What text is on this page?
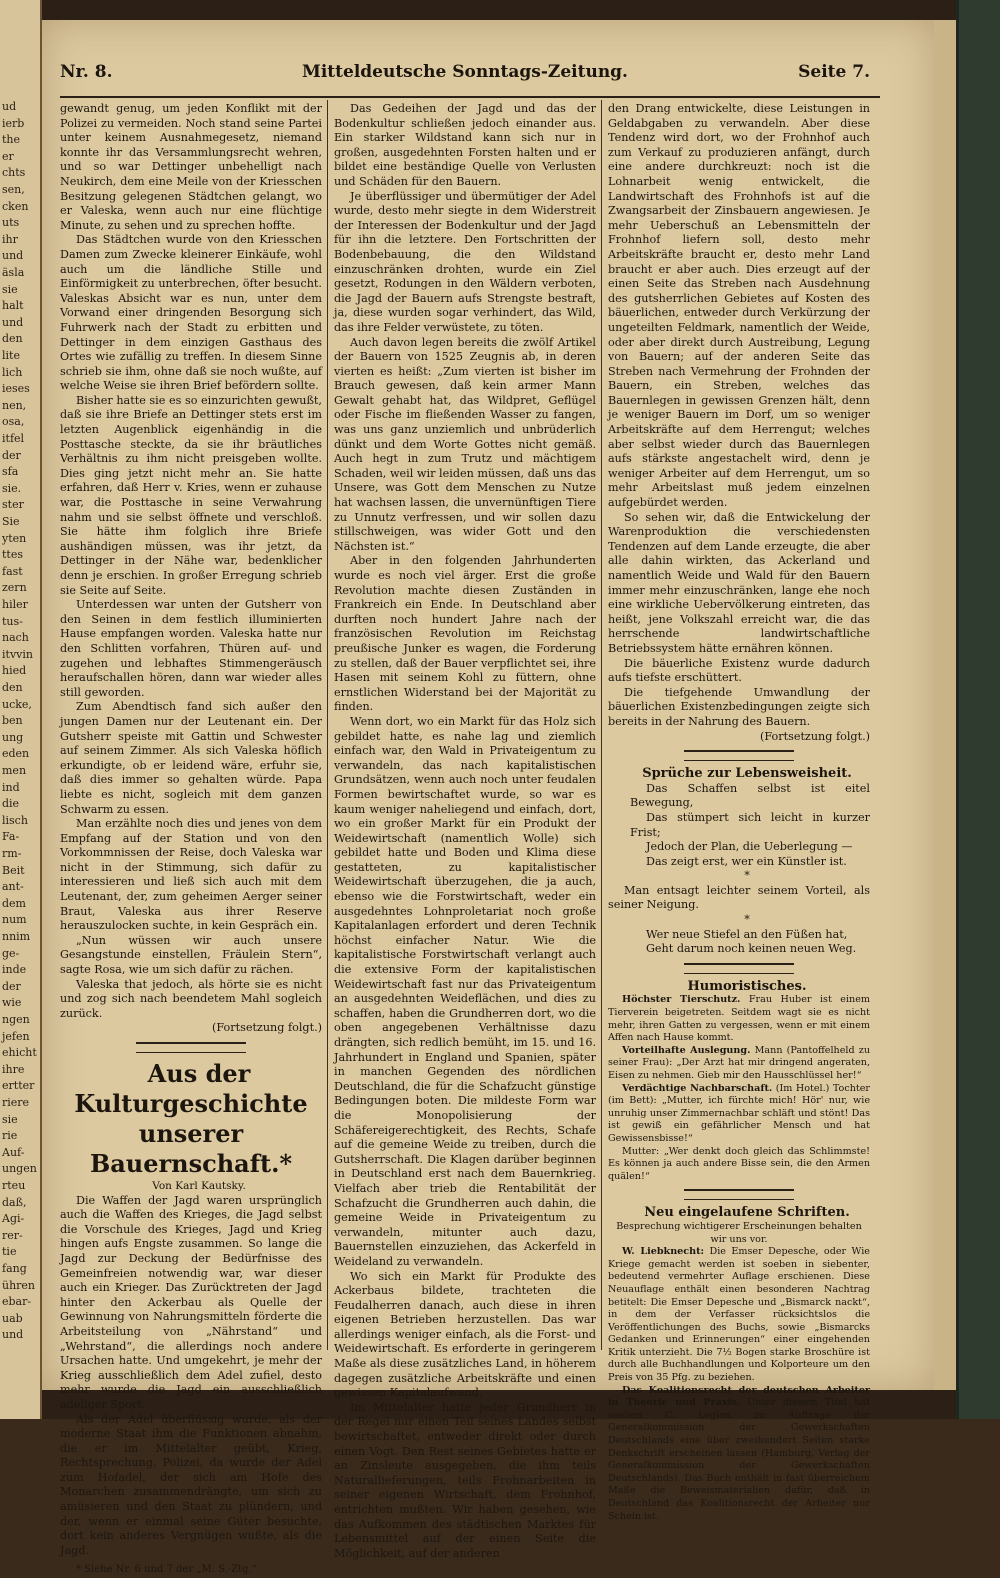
ud
ierb
the
er
chts
sen,
cken
uts
ihr
und
äsla
sie
halt
und
den
lite
lich
ieses
nen,
osa,
itfel
der
sfa
sie.
ster
Sie
yten
ttes
fast
zern
hiler
tus-
nach
itvvin
hied
den
ucke,
ben
ung
eden
men
ind
die
lisch
Fa-
rm-
Beit
ant-
dem
num
nnim
ge-
inde
der
wie
ngen
jefen
ehicht
ihre
ertter
riere
sie
rie
Auf-
ungen
rteu
daß,
Agi-
rer-
tie
fang
ühren
ebar-
uab
und
Nr. 8.	Mitteldeutsche Sonntags-Zeitung.	Seite 7.

gewandt genug, um jeden Konflikt mit der Polizei zu vermeiden. Noch stand seine Partei unter keinem Ausnahmegesetz, niemand konnte ihr das Versammlungsrecht wehren, und so war Dettinger unbehelligt nach Neukirch, dem eine Meile von der Kriesschen Besitzung gelegenen Städtchen gelangt, wo er Valeska, wenn auch nur eine flüchtige Minute, zu sehen und zu sprechen hoffte.

Das Städtchen wurde von den Kriesschen Damen zum Zwecke kleinerer Einkäufe, wohl auch um die ländliche Stille und Einförmigkeit zu unterbrechen, öfter besucht. Valeskas Absicht war es nun, unter dem Vorwand einer dringenden Besorgung sich Fuhrwerk nach der Stadt zu erbitten und Dettinger in dem einzigen Gasthaus des Ortes wie zufällig zu treffen. In diesem Sinne schrieb sie ihm, ohne daß sie noch wußte, auf welche Weise sie ihren Brief befördern sollte.

Bisher hatte sie es so einzurichten gewußt, daß sie ihre Briefe an Dettinger stets erst im letzten Augenblick eigenhändig in die Posttasche steckte, da sie ihr bräutliches Verhältnis zu ihm nicht preisgeben wollte. Dies ging jetzt nicht mehr an. Sie hatte erfahren, daß Herr v. Kries, wenn er zuhause war, die Posttasche in seine Verwahrung nahm und sie selbst öffnete und verschloß. Sie hätte ihm folglich ihre Briefe aushändigen müssen, was ihr jetzt, da Dettinger in der Nähe war, bedenklicher denn je erschien. In großer Erregung schrieb sie Seite auf Seite.

Unterdessen war unten der Gutsherr von den Seinen in dem festlich illuminierten Hause empfangen worden. Valeska hatte nur den Schlitten vorfahren, Thüren auf- und zugehen und lebhaftes Stimmengeräusch heraufschallen hören, dann war wieder alles still geworden.

Zum Abendtisch fand sich außer den jungen Damen nur der Leutenant ein. Der Gutsherr speiste mit Gattin und Schwester auf seinem Zimmer. Als sich Valeska höflich erkundigte, ob er leidend wäre, erfuhr sie, daß dies immer so gehalten würde. Papa liebte es nicht, sogleich mit dem ganzen Schwarm zu essen.

Man erzählte noch dies und jenes von dem Empfang auf der Station und von den Vorkommnissen der Reise, doch Valeska war nicht in der Stimmung, sich dafür zu interessieren und ließ sich auch mit dem Leutenant, der, zum geheimen Aerger seiner Braut, Valeska aus ihrer Reserve herauszulocken suchte, in kein Gespräch ein.

„Nun wüssen wir auch unsere Gesangstunde einstellen, Fräulein Stern“, sagte Rosa, wie um sich dafür zu rächen.

Valeska that jedoch, als hörte sie es nicht und zog sich nach beendetem Mahl sogleich zurück.

(Fortsetzung folgt.)

Aus der Kulturgeschichte unserer Bauernschaft.*

Von Karl Kautsky.

Die Waffen der Jagd waren ursprünglich auch die Waffen des Krieges, die Jagd selbst die Vorschule des Krieges, Jagd und Krieg hingen aufs Engste zusammen. So lange die Jagd zur Deckung der Bedürfnisse des Gemeinfreien notwendig war, war dieser auch ein Krieger. Das Zurücktreten der Jagd hinter den Ackerbau als Quelle der Gewinnung von Nahrungsmitteln förderte die Arbeitsteilung von „Nährstand“ und „Wehrstand“, die allerdings noch andere Ursachen hatte. Und umgekehrt, je mehr der Krieg ausschließlich dem Adel zufiel, desto mehr wurde die Jagd ein ausschließlich adeliger Sport.

Als der Adel überflüssig wurde, als der moderne Staat ihm die Funktionen abnahm, die er im Mittelalter geübt, Krieg, Rechtsprechung, Polizei, da wurde der Adel zum Hofadel, der sich am Hofe des Monarchen zusammendrängte, um sich zu amüsieren und den Staat zu plündern, und der, wenn er einmal seine Güter besuchte, dort kein anderes Vergnügen wußte, als die Jagd.

* Siehe Nr. 6 und 7 der „M. S.-Ztg.“

Das Gedeihen der Jagd und das der Bodenkultur schließen jedoch einander aus. Ein starker Wildstand kann sich nur in großen, ausgedehnten Forsten halten und er bildet eine beständige Quelle von Verlusten und Schäden für den Bauern.

Je überflüssiger und übermütiger der Adel wurde, desto mehr siegte in dem Widerstreit der Interessen der Bodenkultur und der Jagd für ihn die letztere. Den Fortschritten der Bodenbebauung, die den Wildstand einzuschränken drohten, wurde ein Ziel gesetzt, Rodungen in den Wäldern verboten, die Jagd der Bauern aufs Strengste bestraft, ja, diese wurden sogar verhindert, das Wild, das ihre Felder verwüstete, zu töten.

Auch davon legen bereits die zwölf Artikel der Bauern von 1525 Zeugnis ab, in deren vierten es heißt: „Zum vierten ist bisher im Brauch gewesen, daß kein armer Mann Gewalt gehabt hat, das Wildpret, Geflügel oder Fische im fließenden Wasser zu fangen, was uns ganz unziemlich und unbrüderlich dünkt und dem Worte Gottes nicht gemäß. Auch hegt in zum Trutz und mächtigem Schaden, weil wir leiden müssen, daß uns das Unsere, was Gott dem Menschen zu Nutze hat wachsen lassen, die unvernünftigen Tiere zu Unnutz verfressen, und wir sollen dazu stillschweigen, was wider Gott und den Nächsten ist.“

Aber in den folgenden Jahrhunderten wurde es noch viel ärger. Erst die große Revolution machte diesen Zuständen in Frankreich ein Ende. In Deutschland aber durften noch hundert Jahre nach der französischen Revolution im Reichstag preußische Junker es wagen, die Forderung zu stellen, daß der Bauer verpflichtet sei, ihre Hasen mit seinem Kohl zu füttern, ohne ernstlichen Widerstand bei der Majorität zu finden.

Wenn dort, wo ein Markt für das Holz sich gebildet hatte, es nahe lag und ziemlich einfach war, den Wald in Privateigentum zu verwandeln, das nach kapitalistischen Grundsätzen, wenn auch noch unter feudalen Formen bewirtschaftet wurde, so war es kaum weniger naheliegend und einfach, dort, wo ein großer Markt für ein Produkt der Weidewirtschaft (namentlich Wolle) sich gebildet hatte und Boden und Klima diese gestatteten, zu kapitalistischer Weidewirtschaft überzugehen, die ja auch, ebenso wie die Forstwirtschaft, weder ein ausgedehntes Lohnproletariat noch große Kapitalanlagen erfordert und deren Technik höchst einfacher Natur. Wie die kapitalistische Forstwirtschaft verlangt auch die extensive Form der kapitalistischen Weidewirtschaft fast nur das Privateigentum an ausgedehnten Weideflächen, und dies zu schaffen, haben die Grundherren dort, wo die oben angegebenen Verhältnisse dazu drängten, sich redlich bemüht, im 15. und 16. Jahrhundert in England und Spanien, später in manchen Gegenden des nördlichen Deutschland, die für die Schafzucht günstige Bedingungen boten. Die mildeste Form war die Monopolisierung der Schäfereigerechtigkeit, des Rechts, Schafe auf die gemeine Weide zu treiben, durch die Gutsherrschaft. Die Klagen darüber beginnen in Deutschland erst nach dem Bauernkrieg. Vielfach aber trieb die Rentabilität der Schafzucht die Grundherren auch dahin, die gemeine Weide in Privateigentum zu verwandeln, mitunter auch dazu, Bauernstellen einzuziehen, das Ackerfeld in Weideland zu verwandeln.

Wo sich ein Markt für Produkte des Ackerbaus bildete, trachteten die Feudalherren danach, auch diese in ihren eigenen Betrieben herzustellen. Das war allerdings weniger einfach, als die Forst- und Weidewirtschaft. Es erforderte in geringerem Maße als diese zusätzliches Land, in höherem dagegen zusätzliche Arbeitskräfte und einen gewissen Kapitalaufwand.

Im Mittelalter hatte jeder Grundherr in der Regel nur einen Teil seines Landes selbst bewirtschaftet, entweder direkt oder durch einen Vogt. Den Rest seines Gebietes hatte er an Zinsleute ausgegeben, die ihm teils Naturallieferungen, teils Frohnarbeiten in seiner eigenen Wirtschaft, dem Frohnhof, entrichten mußten. Wir haben gesehen, wie das Aufkommen des städtischen Marktes für Lebensmittel auf der einen Seite die Möglichkeit, auf der anderen

den Drang entwickelte, diese Leistungen in Geldabgaben zu verwandeln. Aber diese Tendenz wird dort, wo der Frohnhof auch zum Verkauf zu produzieren anfängt, durch eine andere durchkreuzt: noch ist die Lohnarbeit wenig entwickelt, die Landwirtschaft des Frohnhofs ist auf die Zwangsarbeit der Zinsbauern angewiesen. Je mehr Ueberschuß an Lebensmitteln der Frohnhof liefern soll, desto mehr Arbeitskräfte braucht er, desto mehr Land braucht er aber auch. Dies erzeugt auf der einen Seite das Streben nach Ausdehnung des gutsherrlichen Gebietes auf Kosten des bäuerlichen, entweder durch Verkürzung der ungeteilten Feldmark, namentlich der Weide, oder aber direkt durch Austreibung, Legung von Bauern; auf der anderen Seite das Streben nach Vermehrung der Frohnden der Bauern, ein Streben, welches das Bauernlegen in gewissen Grenzen hält, denn je weniger Bauern im Dorf, um so weniger Arbeitskräfte auf dem Herrengut; welches aber selbst wieder durch das Bauernlegen aufs stärkste angestachelt wird, denn je weniger Arbeiter auf dem Herrengut, um so mehr Arbeitslast muß jedem einzelnen aufgebürdet werden.

So sehen wir, daß die Entwickelung der Warenproduktion die verschiedensten Tendenzen auf dem Lande erzeugte, die aber alle dahin wirkten, das Ackerland und namentlich Weide und Wald für den Bauern immer mehr einzuschränken, lange ehe noch eine wirkliche Uebervölkerung eintreten, das heißt, jene Volkszahl erreicht war, die das herrschende landwirtschaftliche Betriebssystem hätte ernähren können.

Die bäuerliche Existenz wurde dadurch aufs tiefste erschüttert.

Die tiefgehende Umwandlung der bäuerlichen Existenzbedingungen zeigte sich bereits in der Nahrung des Bauern.

(Fortsetzung folgt.)

Sprüche zur Lebensweisheit.

Das Schaffen selbst ist eitel Bewegung,

Das stümpert sich leicht in kurzer Frist;

Jedoch der Plan, die Ueberlegung —

Das zeigt erst, wer ein Künstler ist.

*

Man entsagt leichter seinem Vorteil, als seiner Neigung.

*

Wer neue Stiefel an den Füßen hat,

Geht darum noch keinen neuen Weg.

Humoristisches.

Höchster Tierschutz. Frau Huber ist einem Tierverein beigetreten. Seitdem wagt sie es nicht mehr, ihren Gatten zu vergessen, wenn er mit einem Affen nach Hause kommt.

Vorteilhafte Auslegung. Mann (Pantoffelheld zu seiner Frau): „Der Arzt hat mir dringend angeraten, Eisen zu nehmen. Gieb mir den Hausschlüssel her!“

Verdächtige Nachbarschaft. (Im Hotel.) Tochter (im Bett): „Mutter, ich fürchte mich! Hör' nur, wie unruhig unser Zimmernachbar schläft und stönt! Das ist gewiß ein gefährlicher Mensch und hat Gewissensbisse!“

Mutter: „Wer denkt doch gleich das Schlimmste! Es können ja auch andere Bisse sein, die den Armen quälen!“

Neu eingelaufene Schriften.

Besprechung wichtigerer Erscheinungen behalten wir uns vor.

W. Liebknecht: Die Emser Depesche, oder Wie Kriege gemacht werden ist soeben in siebenter, bedeutend vermehrter Auflage erschienen. Diese Neuauflage enthält einen besonderen Nachtrag betitelt: Die Emser Depesche und „Bismarck nackt“, in dem der Verfasser rücksichtslos die Veröffentlichungen des Buchs, sowie „Bismarcks Gedanken und Erinnerungen“ einer eingehenden Kritik unterzieht. Die 7½ Bogen starke Broschüre ist durch alle Buchhandlungen und Kolporteure um den Preis von 35 Pfg. zu beziehen.

Das Koalitionsrecht der deutschen Arbeiter in Theorie und Praxis. Unter diesem Titel hat soeben C. Legien im Auftrage der Generalkommission der Gewerkschaften Deutschlands eine über zweihundert Seiten starke Denkschrift erscheinen lassen (Hamburg, Verlag der Generalkommission der Gewerkschaften Deutschlands). Das Buch enthält in fast überreichem Maße die Beweismaterialien dafür, daß in Deutschland das Koalitionsrecht der Arbeiter nur Schein ist.
